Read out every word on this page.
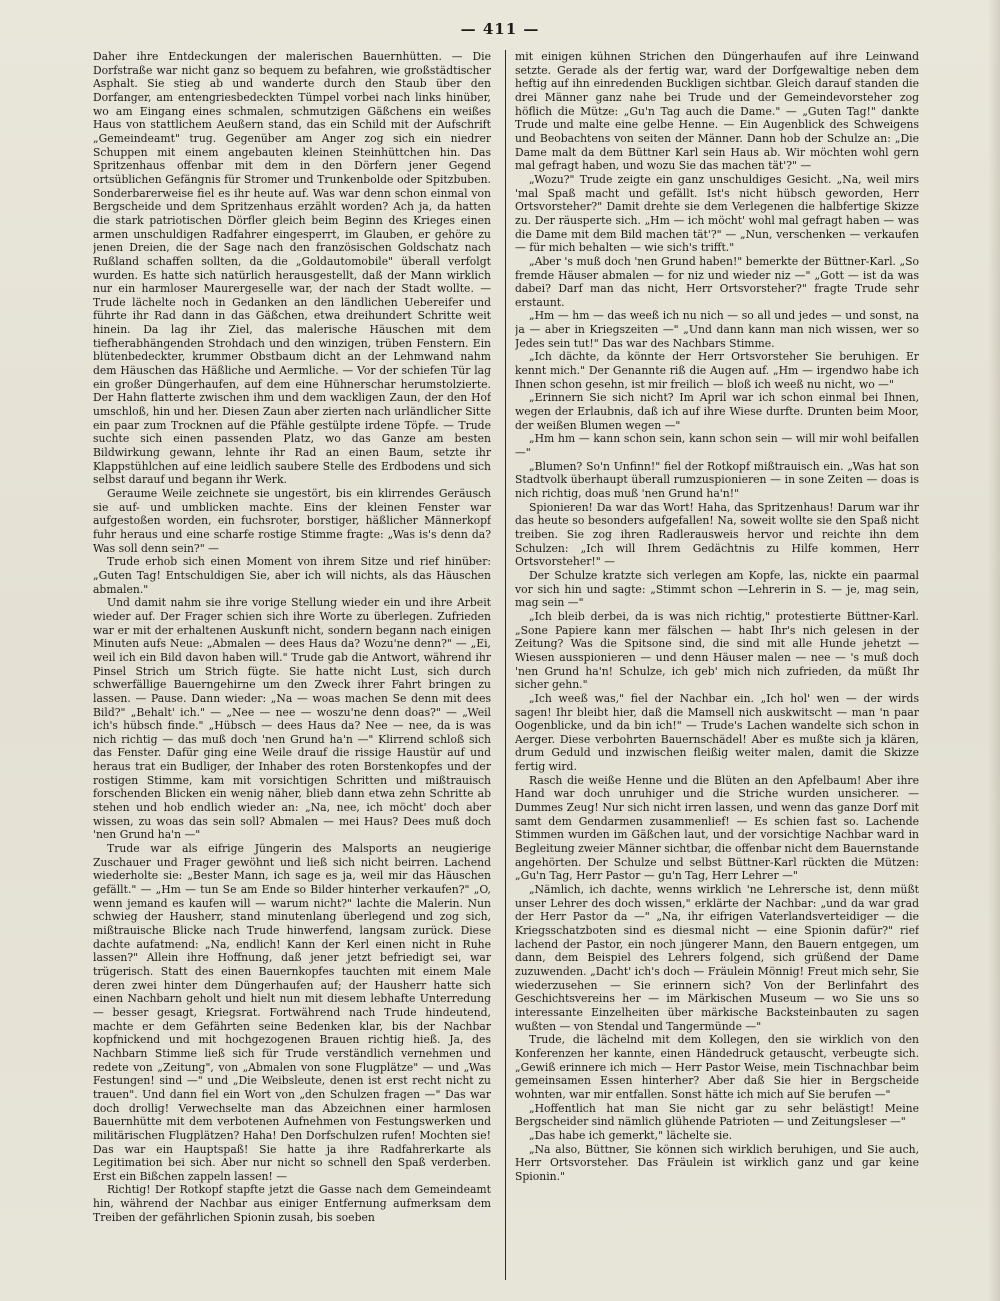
— 411 —

Daher ihre Entdeckungen der malerischen Bauernhütten. — Die Dorfstraße war nicht ganz so bequem zu befahren, wie großstädtischer Asphalt. Sie stieg ab und wanderte durch den Staub über den Dorfanger, am entengriesbedeckten Tümpel vorbei nach links hinüber, wo am Eingang eines schmalen, schmutzigen Gäßchens ein weißes Haus von stattlichem Aeußern stand, das ein Schild mit der Aufschrift „Gemeindeamt" trug. Gegenüber am Anger zog sich ein niedrer Schuppen mit einem angebauten kleinen Steinhüttchen hin. Das Spritzenhaus offenbar mit dem in den Dörfern jener Gegend ortsüblichen Gefängnis für Stromer und Trunkenbolde oder Spitzbuben. Sonderbarerweise fiel es ihr heute auf. Was war denn schon einmal von Bergscheide und dem Spritzenhaus erzählt worden? Ach ja, da hatten die stark patriotischen Dörfler gleich beim Beginn des Krieges einen armen unschuldigen Radfahrer eingesperrt, im Glauben, er gehöre zu jenen Dreien, die der Sage nach den französischen Goldschatz nach Rußland schaffen sollten, da die „Goldautomobile" überall verfolgt wurden. Es hatte sich natürlich herausgestellt, daß der Mann wirklich nur ein harmloser Maurergeselle war, der nach der Stadt wollte. — Trude lächelte noch in Gedanken an den ländlichen Uebereifer und führte ihr Rad dann in das Gäßchen, etwa dreihundert Schritte weit hinein. Da lag ihr Ziel, das malerische Häuschen mit dem tiefherabhängenden Strohdach und den winzigen, trüben Fenstern. Ein blütenbedeckter, krummer Obstbaum dicht an der Lehmwand nahm dem Häuschen das Häßliche und Aermliche. — Vor der schiefen Tür lag ein großer Düngerhaufen, auf dem eine Hühnerschar herumstolzierte. Der Hahn flatterte zwischen ihm und dem wackligen Zaun, der den Hof umschloß, hin und her. Diesen Zaun aber zierten nach urländlicher Sitte ein paar zum Trocknen auf die Pfähle gestülpte irdene Töpfe. — Trude suchte sich einen passenden Platz, wo das Ganze am besten Bildwirkung gewann, lehnte ihr Rad an einen Baum, setzte ihr Klappstühlchen auf eine leidlich saubere Stelle des Erdbodens und sich selbst darauf und begann ihr Werk.

Geraume Weile zeichnete sie ungestört, bis ein klirrendes Geräusch sie auf- und umblicken machte. Eins der kleinen Fenster war aufgestoßen worden, ein fuchsroter, borstiger, häßlicher Männerkopf fuhr heraus und eine scharfe rostige Stimme fragte: „Was is's denn da? Was soll denn sein?" —

Trude erhob sich einen Moment von ihrem Sitze und rief hinüber: „Guten Tag! Entschuldigen Sie, aber ich will nichts, als das Häuschen abmalen."

Und damit nahm sie ihre vorige Stellung wieder ein und ihre Arbeit wieder auf. Der Frager schien sich ihre Worte zu überlegen. Zufrieden war er mit der erhaltenen Auskunft nicht, sondern begann nach einigen Minuten aufs Neue: „Abmalen — dees Haus da? Wozu'ne denn?" — „Ei, weil ich ein Bild davon haben will." Trude gab die Antwort, während ihr Pinsel Strich um Strich fügte. Sie hatte nicht Lust, sich durch schwerfällige Bauerngehirne um den Zweck ihrer Fahrt bringen zu lassen. — Pause. Dann wieder: „Na — woas machen Se denn mit dees Bild?" „Behalt' ich." — „Nee — nee — woszu'ne denn doas?" — „Weil ich's hübsch finde." „Hübsch — dees Haus da? Nee — nee, da is was nich richtig — das muß doch 'nen Grund ha'n —" Klirrend schloß sich das Fenster. Dafür ging eine Weile drauf die rissige Haustür auf und heraus trat ein Budliger, der Inhaber des roten Borstenkopfes und der rostigen Stimme, kam mit vorsichtigen Schritten und mißtrauisch forschenden Blicken ein wenig näher, blieb dann etwa zehn Schritte ab stehen und hob endlich wieder an: „Na, nee, ich möcht' doch aber wissen, zu woas das sein soll? Abmalen — mei Haus? Dees muß doch 'nen Grund ha'n —"

Trude war als eifrige Jüngerin des Malsports an neugierige Zuschauer und Frager gewöhnt und ließ sich nicht beirren. Lachend wiederholte sie: „Bester Mann, ich sage es ja, weil mir das Häuschen gefällt." — „Hm — tun Se am Ende so Bilder hinterher verkaufen?" „O, wenn jemand es kaufen will — warum nicht?" lachte die Malerin. Nun schwieg der Hausherr, stand minutenlang überlegend und zog sich, mißtrauische Blicke nach Trude hinwerfend, langsam zurück. Diese dachte aufatmend: „Na, endlich! Kann der Kerl einen nicht in Ruhe lassen?" Allein ihre Hoffnung, daß jener jetzt befriedigt sei, war trügerisch. Statt des einen Bauernkopfes tauchten mit einem Male deren zwei hinter dem Düngerhaufen auf; der Hausherr hatte sich einen Nachbarn geholt und hielt nun mit diesem lebhafte Unterredung — besser gesagt, Kriegsrat. Fortwährend nach Trude hindeutend, machte er dem Gefährten seine Bedenken klar, bis der Nachbar kopfnickend und mit hochgezogenen Brauen richtig hieß. Ja, des Nachbarn Stimme ließ sich für Trude verständlich vernehmen und redete von „Zeitung", von „Abmalen von sone Flugplätze" — und „Was Festungen! sind —" und „Die Weibsleute, denen ist erst recht nicht zu trauen". Und dann fiel ein Wort von „den Schulzen fragen —" Das war doch drollig! Verwechselte man das Abzeichnen einer harmlosen Bauernhütte mit dem verbotenen Aufnehmen von Festungswerken und militärischen Flugplätzen? Haha! Den Dorfschulzen rufen! Mochten sie! Das war ein Hauptspaß! Sie hatte ja ihre Radfahrerkarte als Legitimation bei sich. Aber nur nicht so schnell den Spaß verderben. Erst ein Bißchen zappeln lassen! —

Richtig! Der Rotkopf stapfte jetzt die Gasse nach dem Gemeindeamt hin, während der Nachbar aus einiger Entfernung aufmerksam dem Treiben der gefährlichen Spionin zusah, bis soeben

mit einigen kühnen Strichen den Düngerhaufen auf ihre Leinwand setzte. Gerade als der fertig war, ward der Dorfgewaltige neben dem heftig auf ihn einredenden Buckligen sichtbar. Gleich darauf standen die drei Männer ganz nahe bei Trude und der Gemeindevorsteher zog höflich die Mütze: „Gu'n Tag auch die Dame." — „Guten Tag!" dankte Trude und malte eine gelbe Henne. — Ein Augenblick des Schweigens und Beobachtens von seiten der Männer. Dann hob der Schulze an: „Die Dame malt da dem Büttner Karl sein Haus ab. Wir möchten wohl gern mal gefragt haben, und wozu Sie das machen tät'?" —

„Wozu?" Trude zeigte ein ganz unschuldiges Gesicht. „Na, weil mirs 'mal Spaß macht und gefällt. Ist's nicht hübsch geworden, Herr Ortsvorsteher?" Damit drehte sie dem Verlegenen die halbfertige Skizze zu. Der räusperte sich. „Hm — ich möcht' wohl mal gefragt haben — was die Dame mit dem Bild machen tät'?" — „Nun, verschenken — verkaufen — für mich behalten — wie sich's trifft."

„Aber 's muß doch 'nen Grund haben!" bemerkte der Büttner-Karl. „So fremde Häuser abmalen — for niz und wieder niz —" „Gott — ist da was dabei? Darf man das nicht, Herr Ortsvorsteher?" fragte Trude sehr erstaunt.

„Hm — hm — das weeß ich nu nich — so all und jedes — und sonst, na ja — aber in Kriegszeiten —" „Und dann kann man nich wissen, wer so Jedes sein tut!" Das war des Nachbars Stimme.

„Ich dächte, da könnte der Herr Ortsvorsteher Sie beruhigen. Er kennt mich." Der Genannte riß die Augen auf. „Hm — irgendwo habe ich Ihnen schon gesehn, ist mir freilich — bloß ich weeß nu nicht, wo —"

„Erinnern Sie sich nicht? Im April war ich schon einmal bei Ihnen, wegen der Erlaubnis, daß ich auf ihre Wiese durfte. Drunten beim Moor, der weißen Blumen wegen —"

„Hm hm — kann schon sein, kann schon sein — will mir wohl beifallen —"

„Blumen? So'n Unfinn!" fiel der Rotkopf mißtrauisch ein. „Was hat son Stadtvolk überhaupt überall rumzuspionieren — in sone Zeiten — doas is nich richtig, doas muß 'nen Grund ha'n!"

Spionieren! Da war das Wort! Haha, das Spritzenhaus! Darum war ihr das heute so besonders aufgefallen! Na, soweit wollte sie den Spaß nicht treiben. Sie zog ihren Radlerausweis hervor und reichte ihn dem Schulzen: „Ich will Ihrem Gedächtnis zu Hilfe kommen, Herr Ortsvorsteher!" —

Der Schulze kratzte sich verlegen am Kopfe, las, nickte ein paarmal vor sich hin und sagte: „Stimmt schon —Lehrerin in S. — je, mag sein, mag sein —"

„Ich bleib derbei, da is was nich richtig," protestierte Büttner-Karl. „Sone Papiere kann mer fälschen — habt Ihr's nich gelesen in der Zeitung? Was die Spitsone sind, die sind mit alle Hunde jehetzt — Wiesen ausspionieren — und denn Häuser malen — nee — 's muß doch 'nen Grund ha'n! Schulze, ich geb' mich nich zufrieden, da müßt Ihr sicher gehn."

„Ich weeß was," fiel der Nachbar ein. „Ich hol' wen — der wirds sagen! Ihr bleibt hier, daß die Mamsell nich auskwitscht — man 'n paar Oogenblicke, und da bin ich!" — Trude's Lachen wandelte sich schon in Aerger. Diese verbohrten Bauernschädel! Aber es mußte sich ja klären, drum Geduld und inzwischen fleißig weiter malen, damit die Skizze fertig wird.

Rasch die weiße Henne und die Blüten an den Apfelbaum! Aber ihre Hand war doch unruhiger und die Striche wurden unsicherer. — Dummes Zeug! Nur sich nicht irren lassen, und wenn das ganze Dorf mit samt dem Gendarmen zusammenlief! — Es schien fast so. Lachende Stimmen wurden im Gäßchen laut, und der vorsichtige Nachbar ward in Begleitung zweier Männer sichtbar, die offenbar nicht dem Bauernstande angehörten. Der Schulze und selbst Büttner-Karl rückten die Mützen: „Gu'n Tag, Herr Pastor — gu'n Tag, Herr Lehrer —"

„Nämlich, ich dachte, wenns wirklich 'ne Lehrersche ist, denn müßt unser Lehrer des doch wissen," erklärte der Nachbar: „und da war grad der Herr Pastor da —" „Na, ihr eifrigen Vaterlandsverteidiger — die Kriegsschatzboten sind es diesmal nicht — eine Spionin dafür?" rief lachend der Pastor, ein noch jüngerer Mann, den Bauern entgegen, um dann, dem Beispiel des Lehrers folgend, sich grüßend der Dame zuzuwenden. „Dacht' ich's doch — Fräulein Mönnig! Freut mich sehr, Sie wiederzusehen — Sie erinnern sich? Von der Berlinfahrt des Geschichtsvereins her — im Märkischen Museum — wo Sie uns so interessante Einzelheiten über märkische Backsteinbauten zu sagen wußten — von Stendal und Tangermünde —"

Trude, die lächelnd mit dem Kollegen, den sie wirklich von den Konferenzen her kannte, einen Händedruck getauscht, verbeugte sich. „Gewiß erinnere ich mich — Herr Pastor Weise, mein Tischnachbar beim gemeinsamen Essen hinterher? Aber daß Sie hier in Bergscheide wohnten, war mir entfallen. Sonst hätte ich mich auf Sie berufen —"

„Hoffentlich hat man Sie nicht gar zu sehr belästigt! Meine Bergscheider sind nämlich glühende Patrioten — und Zeitungsleser —"

„Das habe ich gemerkt," lächelte sie.

„Na also, Büttner, Sie können sich wirklich beruhigen, und Sie auch, Herr Ortsvorsteher. Das Fräulein ist wirklich ganz und gar keine Spionin."
